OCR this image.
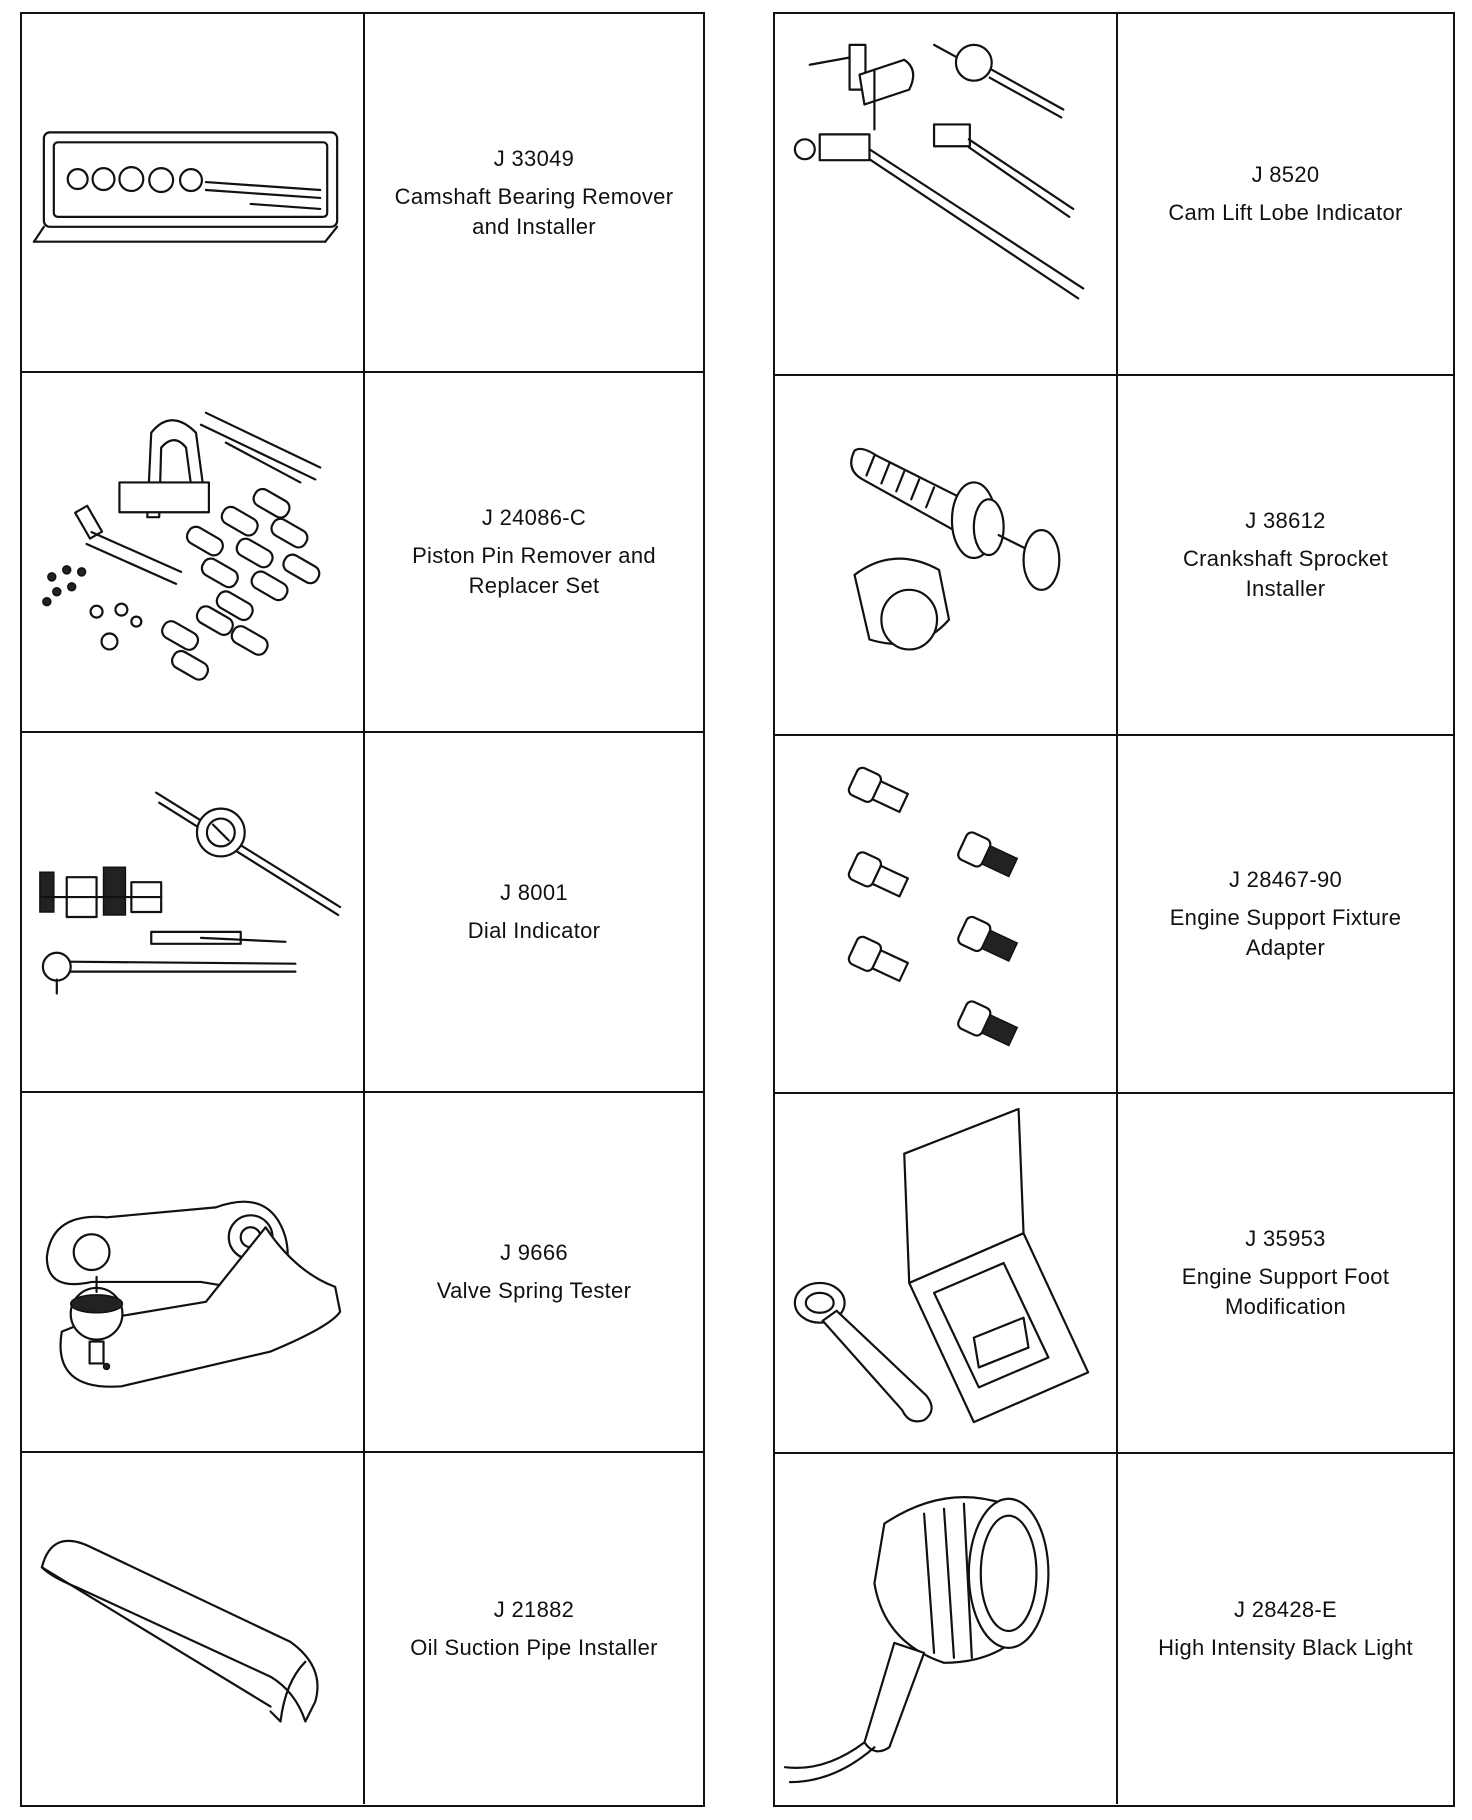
J 33049
Camshaft Bearing Remover
and Installer
J 24086-C
Piston Pin Remover and
Replacer Set
J 8001
Dial Indicator
J 9666
Valve Spring Tester
J 21882
Oil Suction Pipe Installer
J 8520
Cam Lift Lobe Indicator
J 38612
Crankshaft Sprocket
Installer
J 28467-90
Engine Support Fixture
Adapter
J 35953
Engine Support Foot
Modification
J 28428-E
High Intensity Black Light
